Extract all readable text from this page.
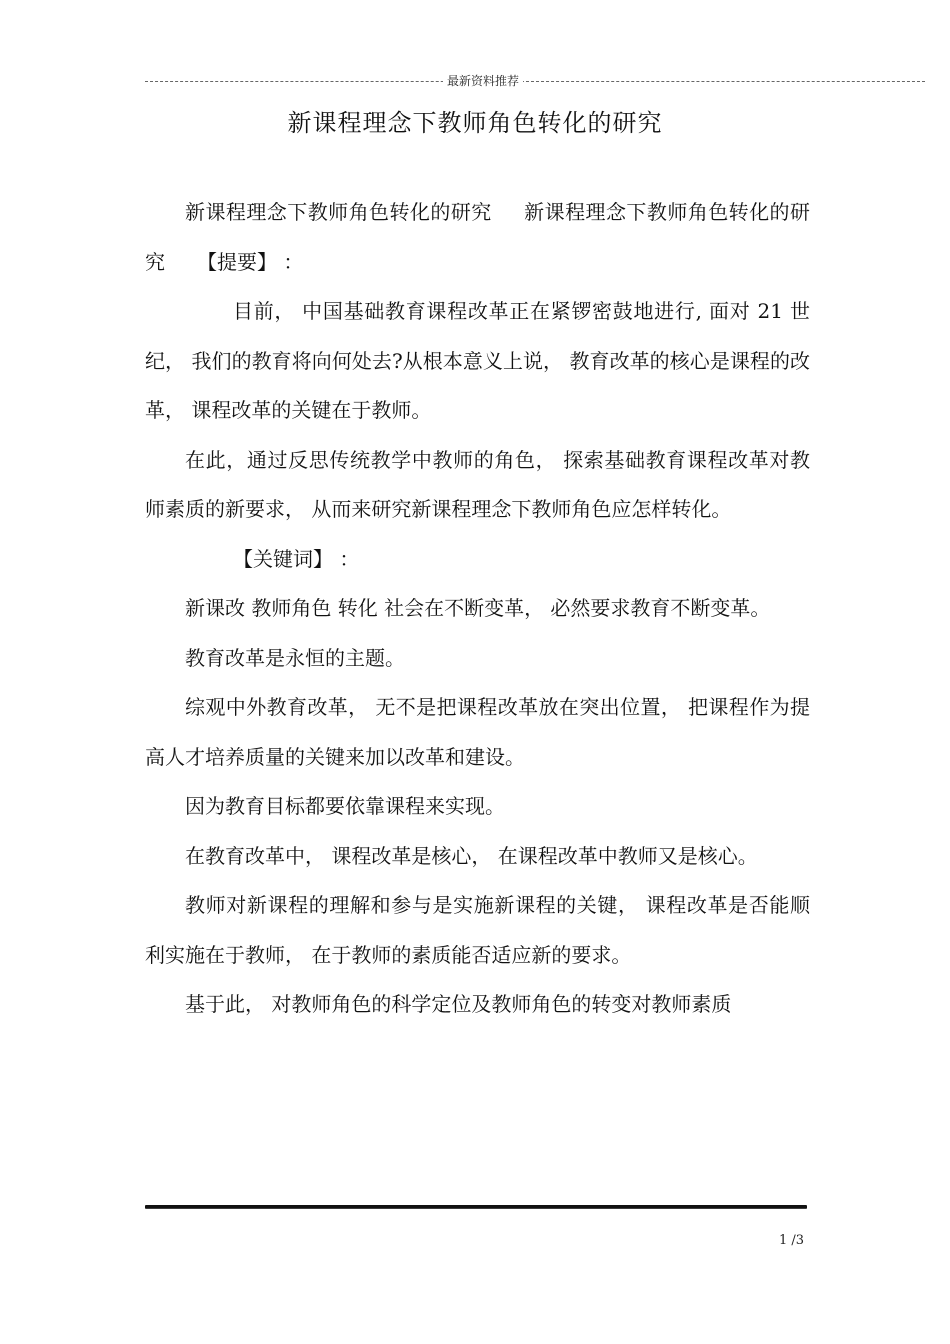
最新资料推荐
新课程理念下教师角色转化的研究

新课程理念下教师角色转化的研究 新课程理念下教师角色转化的研究 【提要】 ：

目前， 中国基础教育课程改革正在紧锣密鼓地进行, 面对 21 世纪， 我们的教育将向何处去?从根本意义上说， 教育改革的核心是课程的改革， 课程改革的关键在于教师。

在此，通过反思传统教学中教师的角色， 探索基础教育课程改革对教师素质的新要求， 从而来研究新课程理念下教师角色应怎样转化。

【关键词】 ：

新课改 教师角色 转化 社会在不断变革， 必然要求教育不断变革。

教育改革是永恒的主题。

综观中外教育改革， 无不是把课程改革放在突出位置， 把课程作为提高人才培养质量的关键来加以改革和建设。

因为教育目标都要依靠课程来实现。

在教育改革中， 课程改革是核心， 在课程改革中教师又是核心。

教师对新课程的理解和参与是实施新课程的关键， 课程改革是否能顺利实施在于教师， 在于教师的素质能否适应新的要求。

基于此， 对教师角色的科学定位及教师角色的转变对教师素质

1 /3
